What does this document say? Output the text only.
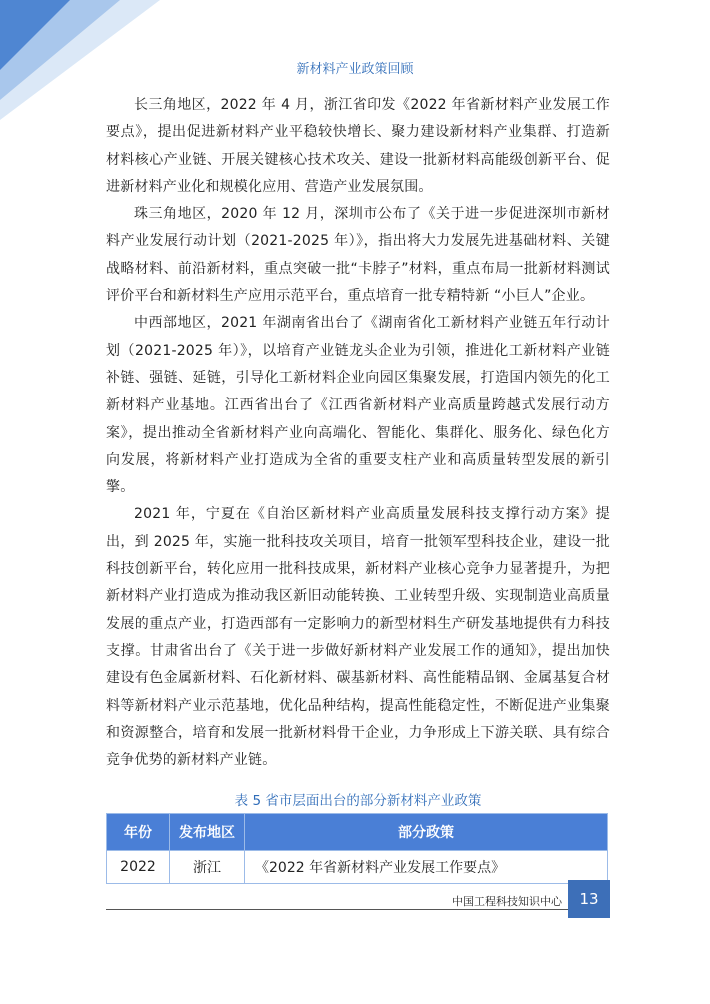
新材料产业政策回顾

长三角地区，2022 年 4 月，浙江省印发《2022 年省新材料产业发展工作要点》，提出促进新材料产业平稳较快增长、聚力建设新材料产业集群、打造新材料核心产业链、开展关键核心技术攻关、建设一批新材料高能级创新平台、促进新材料产业化和规模化应用、营造产业发展氛围。

珠三角地区，2020 年 12 月，深圳市公布了《关于进一步促进深圳市新材料产业发展行动计划（2021-2025 年）》，指出将大力发展先进基础材料、关键战略材料、前沿新材料，重点突破一批“卡脖子”材料，重点布局一批新材料测试评价平台和新材料生产应用示范平台，重点培育一批专精特新 “小巨人”企业。

中西部地区，2021 年湖南省出台了《湖南省化工新材料产业链五年行动计划（2021-2025 年）》，以培育产业链龙头企业为引领，推进化工新材料产业链补链、强链、延链，引导化工新材料企业向园区集聚发展，打造国内领先的化工新材料产业基地。江西省出台了《江西省新材料产业高质量跨越式发展行动方案》，提出推动全省新材料产业向高端化、智能化、集群化、服务化、绿色化方向发展，将新材料产业打造成为全省的重要支柱产业和高质量转型发展的新引擎。

2021 年，宁夏在《自治区新材料产业高质量发展科技支撑行动方案》提出，到 2025 年，实施一批科技攻关项目，培育一批领军型科技企业，建设一批科技创新平台，转化应用一批科技成果，新材料产业核心竞争力显著提升，为把新材料产业打造成为推动我区新旧动能转换、工业转型升级、实现制造业高质量发展的重点产业，打造西部有一定影响力的新型材料生产研发基地提供有力科技支撑。甘肃省出台了《关于进一步做好新材料产业发展工作的通知》，提出加快建设有色金属新材料、石化新材料、碳基新材料、高性能精品钢、金属基复合材料等新材料产业示范基地，优化品种结构，提高性能稳定性，不断促进产业集聚和资源整合，培育和发展一批新材料骨干企业，力争形成上下游关联、具有综合竞争优势的新材料产业链。

表 5 省市层面出台的部分新材料产业政策
年份	发布地区	部分政策
2022	浙江	《2022 年省新材料产业发展工作要点》
中国工程科技知识中心	13
